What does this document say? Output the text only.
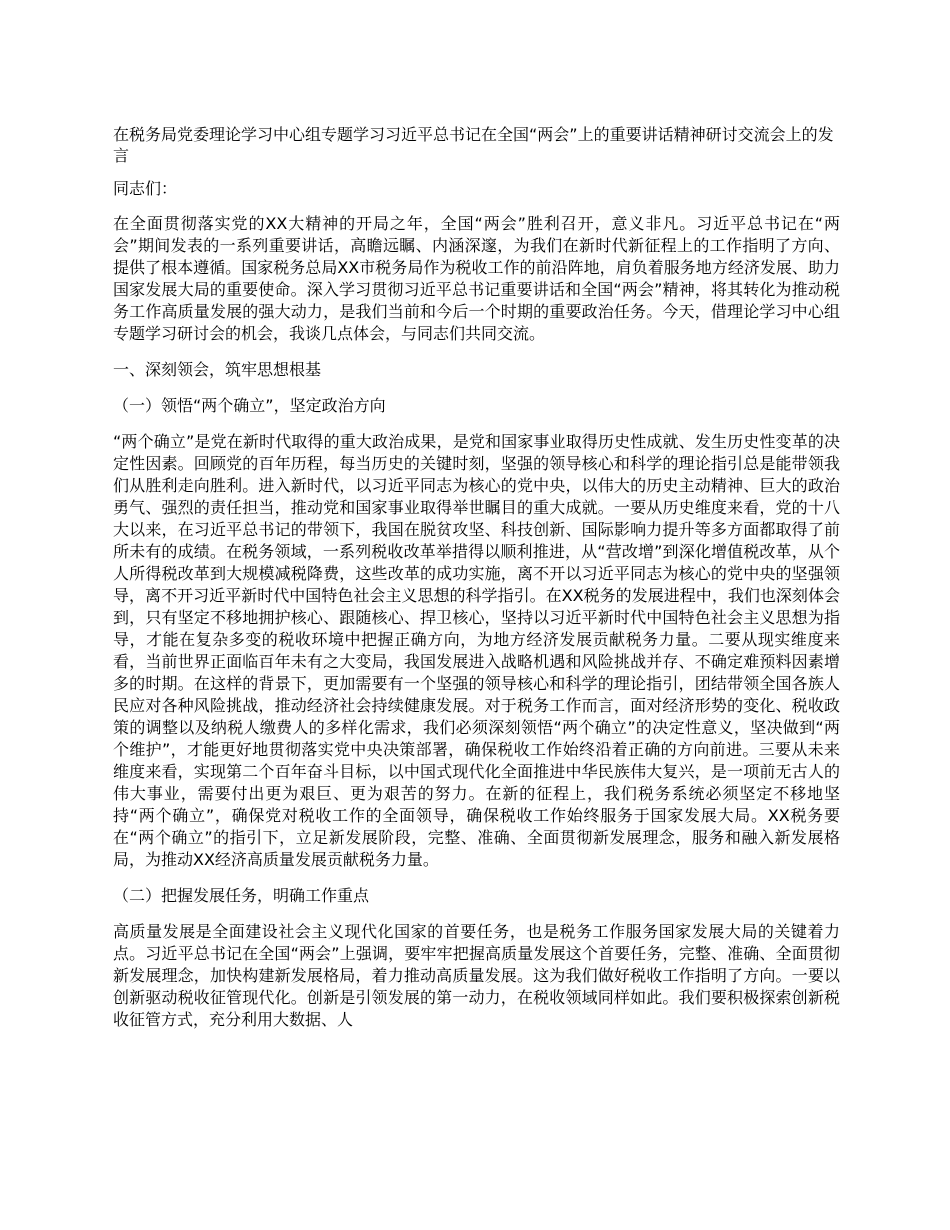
在税务局党委理论学习中心组专题学习习近平总书记在全国“两会”上的重要讲话精神研讨交流会上的发言

同志们：

在全面贯彻落实党的XX大精神的开局之年，全国“两会”胜利召开，意义非凡。习近平总书记在“两会”期间发表的一系列重要讲话，高瞻远瞩、内涵深邃，为我们在新时代新征程上的工作指明了方向、提供了根本遵循。国家税务总局XX市税务局作为税收工作的前沿阵地，肩负着服务地方经济发展、助力国家发展大局的重要使命。深入学习贯彻习近平总书记重要讲话和全国“两会”精神，将其转化为推动税务工作高质量发展的强大动力，是我们当前和今后一个时期的重要政治任务。今天，借理论学习中心组专题学习研讨会的机会，我谈几点体会，与同志们共同交流。

一、深刻领会，筑牢思想根基

（一）领悟“两个确立”，坚定政治方向

“两个确立”是党在新时代取得的重大政治成果，是党和国家事业取得历史性成就、发生历史性变革的决定性因素。回顾党的百年历程，每当历史的关键时刻，坚强的领导核心和科学的理论指引总是能带领我们从胜利走向胜利。进入新时代，以习近平同志为核心的党中央，以伟大的历史主动精神、巨大的政治勇气、强烈的责任担当，推动党和国家事业取得举世瞩目的重大成就。一要从历史维度来看，党的十八大以来，在习近平总书记的带领下，我国在脱贫攻坚、科技创新、国际影响力提升等多方面都取得了前所未有的成绩。在税务领域，一系列税收改革举措得以顺利推进，从“营改增”到深化增值税改革，从个人所得税改革到大规模减税降费，这些改革的成功实施，离不开以习近平同志为核心的党中央的坚强领导，离不开习近平新时代中国特色社会主义思想的科学指引。在XX税务的发展进程中，我们也深刻体会到，只有坚定不移地拥护核心、跟随核心、捍卫核心，坚持以习近平新时代中国特色社会主义思想为指导，才能在复杂多变的税收环境中把握正确方向，为地方经济发展贡献税务力量。二要从现实维度来看，当前世界正面临百年未有之大变局，我国发展进入战略机遇和风险挑战并存、不确定难预料因素增多的时期。在这样的背景下，更加需要有一个坚强的领导核心和科学的理论指引，团结带领全国各族人民应对各种风险挑战，推动经济社会持续健康发展。对于税务工作而言，面对经济形势的变化、税收政策的调整以及纳税人缴费人的多样化需求，我们必须深刻领悟“两个确立”的决定性意义，坚决做到“两个维护”，才能更好地贯彻落实党中央决策部署，确保税收工作始终沿着正确的方向前进。三要从未来维度来看，实现第二个百年奋斗目标，以中国式现代化全面推进中华民族伟大复兴，是一项前无古人的伟大事业，需要付出更为艰巨、更为艰苦的努力。在新的征程上，我们税务系统必须坚定不移地坚持“两个确立”，确保党对税收工作的全面领导，确保税收工作始终服务于国家发展大局。XX税务要在“两个确立”的指引下，立足新发展阶段，完整、准确、全面贯彻新发展理念，服务和融入新发展格局，为推动XX经济高质量发展贡献税务力量。

（二）把握发展任务，明确工作重点

高质量发展是全面建设社会主义现代化国家的首要任务，也是税务工作服务国家发展大局的关键着力点。习近平总书记在全国“两会”上强调，要牢牢把握高质量发展这个首要任务，完整、准确、全面贯彻新发展理念，加快构建新发展格局，着力推动高质量发展。这为我们做好税收工作指明了方向。一要以创新驱动税收征管现代化。创新是引领发展的第一动力，在税收领域同样如此。我们要积极探索创新税收征管方式，充分利用大数据、人
